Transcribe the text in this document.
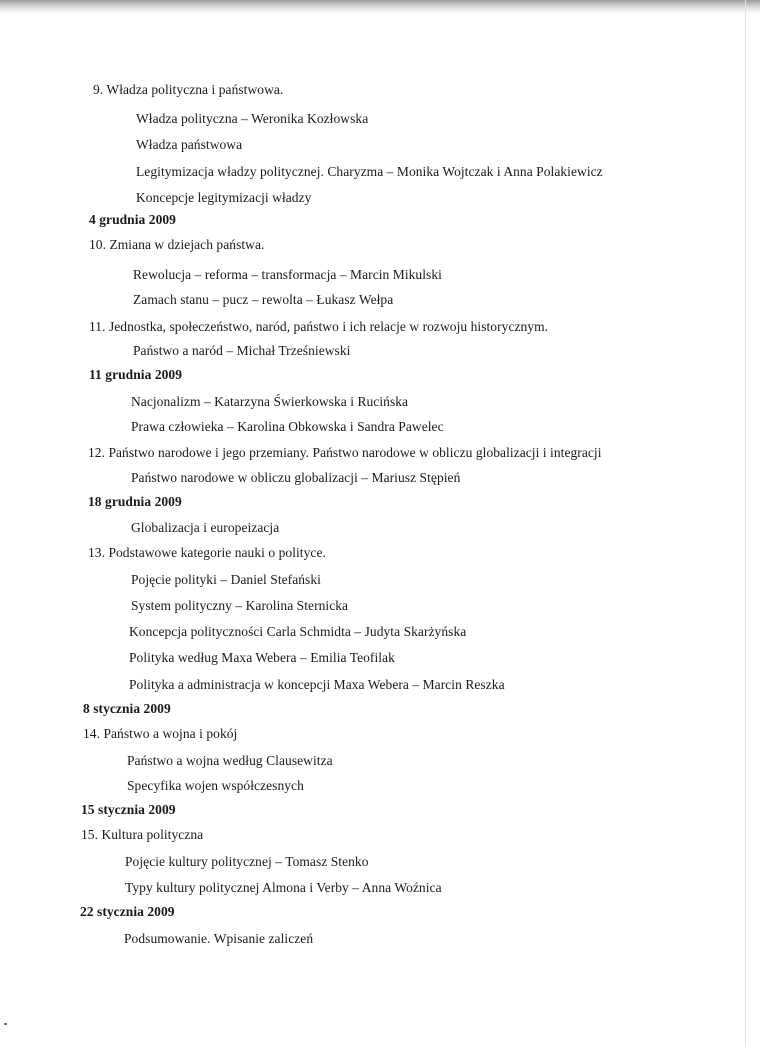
9. Władza polityczna i państwowa.
Władza polityczna – Weronika Kozłowska
Władza państwowa
Legitymizacja władzy politycznej. Charyzma – Monika Wojtczak i Anna Polakiewicz
Koncepcje legitymizacji władzy
4 grudnia 2009
10. Zmiana w dziejach państwa.
Rewolucja – reforma – transformacja – Marcin Mikulski
Zamach stanu – pucz – rewolta – Łukasz Wełpa
11. Jednostka, społeczeństwo, naród, państwo i ich relacje w rozwoju historycznym.
Państwo a naród – Michał Trześniewski
11 grudnia 2009
Nacjonalizm – Katarzyna Świerkowska i Rucińska
Prawa człowieka – Karolina Obkowska i Sandra Pawelec
12. Państwo narodowe i jego przemiany. Państwo narodowe w obliczu globalizacji i integracji
Państwo narodowe w obliczu globalizacji – Mariusz Stępień
18 grudnia 2009
Globalizacja i europeizacja
13. Podstawowe kategorie nauki o polityce.
Pojęcie polityki – Daniel Stefański
System polityczny – Karolina Sternicka
Koncepcja polityczności Carla Schmidta – Judyta Skarżyńska
Polityka według Maxa Webera – Emilia Teofilak
Polityka a administracja w koncepcji Maxa Webera – Marcin Reszka
8 stycznia 2009
14. Państwo a wojna i pokój
Państwo a wojna według Clausewitza
Specyfika wojen współczesnych
15 stycznia 2009
15. Kultura polityczna
Pojęcie kultury politycznej – Tomasz Stenko
Typy kultury politycznej Almona i Verby – Anna Woźnica
22 stycznia 2009
Podsumowanie. Wpisanie zaliczeń
